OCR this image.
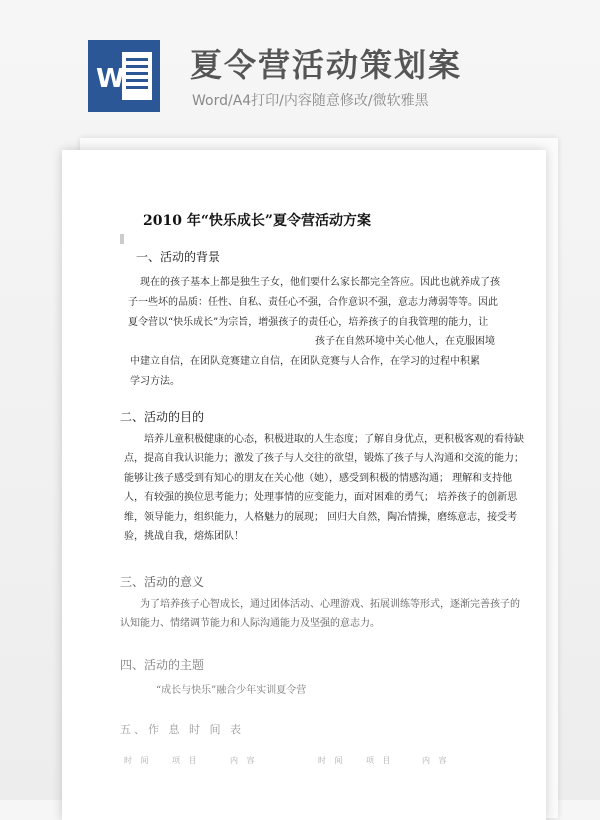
W 夏令营活动策划案
Word/A4打印/内容随意修改/微软雅黑
2010 年“快乐成长”夏令营活动方案
一、活动的背景
现在的孩子基本上都是独生子女，他们要什么家长都完全答应。因此也就养成了孩
子一些坏的品质：任性、自私、责任心不强，合作意识不强，意志力薄弱等等。因此
夏令营以“快乐成长”为宗旨，增强孩子的责任心，培养孩子的自我管理的能力，让
孩子在自然环境中关心他人，在克服困境
中建立自信，在团队竞赛建立自信，在团队竞赛与人合作，在学习的过程中积累
学习方法。
二、活动的目的

培养儿童积极健康的心态，积极进取的人生态度；了解自身优点，更积极客观的看待缺点，提高自我认识能力；激发了孩子与人交往的欲望，锻炼了孩子与人沟通和交流的能力；能够让孩子感受到有知心的朋友在关心他（她），感受到积极的情感沟通； 理解和支持他人，有较强的换位思考能力；处理事情的应变能力，面对困难的勇气； 培养孩子的创新思维，领导能力，组织能力，人格魅力的展现； 回归大自然，陶冶情操，磨练意志，接受考验，挑战自我，熔炼团队！

三、活动的意义

为了培养孩子心智成长，通过团体活动、心理游戏、拓展训练等形式，逐渐完善孩子的认知能力、情绪调节能力和人际沟通能力及坚强的意志力。

四、活动的主题
“成长与快乐”融合少年实训夏令营
五、作 息 时 间 表
时 间	项 目	内 容	时 间	项 目	内 容
